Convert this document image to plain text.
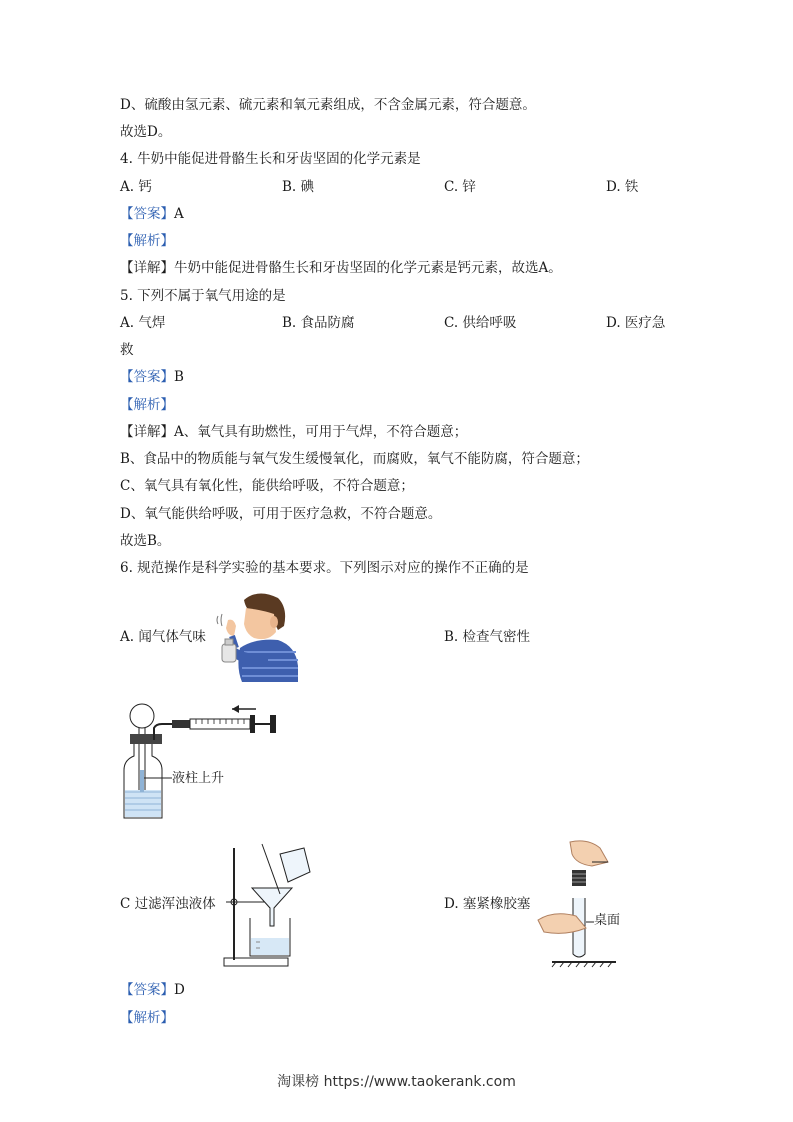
D、硫酸由氢元素、硫元素和氧元素组成，不含金属元素，符合题意。
故选D。
4. 牛奶中能促进骨骼生长和牙齿坚固的化学元素是
A. 钙	B. 碘	C. 锌	D. 铁
【答案】A
【解析】
【详解】牛奶中能促进骨骼生长和牙齿坚固的化学元素是钙元素，故选A。
5. 下列不属于氧气用途的是
A. 气焊	B. 食品防腐	C. 供给呼吸	D. 医疗急
救
【答案】B
【解析】
【详解】A、氧气具有助燃性，可用于气焊，不符合题意；
B、食品中的物质能与氧气发生缓慢氧化，而腐败，氧气不能防腐，符合题意；
C、氧气具有氧化性，能供给呼吸，不符合题意；
D、氧气能供给呼吸，可用于医疗急救，不符合题意。
故选B。
6. 规范操作是科学实验的基本要求。下列图示对应的操作不正确的是
A. 闻气体气味	B. 检查气密性
液柱上升
C 过滤浑浊液体	D. 塞紧橡胶塞
桌面
【答案】D
【解析】
淘课榜 https://www.taokerank.com
